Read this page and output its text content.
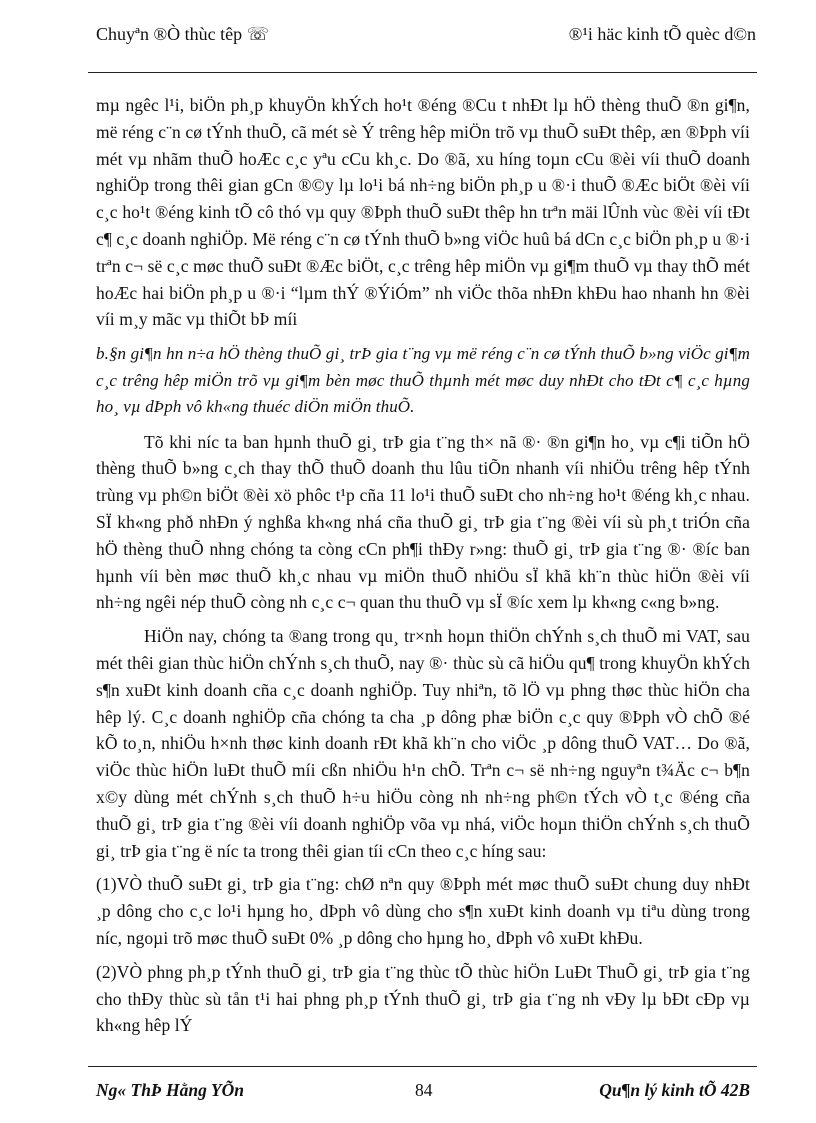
Chuyªn ®Ò thùc têp ☏	®¹i häc kinh tÕ quèc d©n

mµ ngêc l¹i, biÖn ph¸p khuyÖn khÝch ho¹t ®éng ®Cu t nhÐt lµ hÖ thèng thuÕ ®n gi¶n, më réng c¨n cø tÝnh thuÕ, cã mét sè Ý trêng hêp miÖn trõ vµ thuÕ suÐt thêp, æn ®Þph víi mét vµ nhãm thuÕ hoÆc c¸c yªu cCu kh¸c. Do ®ã, xu híng toµn cCu ®èi víi thuÕ doanh nghiÖp trong thêi gian gCn ®©y lµ lo¹i bá nh÷ng biÖn ph¸p u ®·i thuÕ ®Æc biÖt ®èi víi c¸c ho¹t ®éng kinh tÕ cô thó vµ quy ®Þph thuÕ suÐt thêp hn trªn mäi lÛnh vùc ®èi víi tÐt c¶ c¸c doanh nghiÖp. Më réng c¨n cø tÝnh thuÕ b»ng viÖc huû bá dCn c¸c biÖn ph¸p u ®·i trªn c¬ së c¸c møc thuÕ suÐt ®Æc biÖt, c¸c trêng hêp miÖn vµ gi¶m thuÕ vµ thay thÕ mét hoÆc hai biÖn ph¸p u ®·i “lµm thÝ ®ÝiÓm” nh viÖc thõa nhÐn khÐu hao nhanh hn ®èi víi m¸y mãc vµ thiÕt bÞ míi

b.§n gi¶n hn n÷a hÖ thèng thuÕ gi¸ trÞ gia t¨ng vµ më réng c¨n cø tÝnh thuÕ b»ng viÖc gi¶m c¸c trêng hêp miÖn trõ vµ gi¶m bèn møc thuÕ thµnh mét møc duy nhÐt cho tÐt c¶ c¸c hµng ho¸ vµ dÞph vô kh«ng thuéc diÖn miÖn thuÕ.

Tõ khi níc ta ban hµnh thuÕ gi¸ trÞ gia t¨ng th× nã ®· ®n gi¶n ho¸ vµ c¶i tiÕn hÖ thèng thuÕ b»ng c¸ch thay thÕ thuÕ doanh thu lûu tiÕn nhanh víi nhiÖu trêng hêp tÝnh trùng vµ ph©n biÖt ®èi xö phôc t¹p cña 11 lo¹i thuÕ suÐt cho nh÷ng ho¹t ®éng kh¸c nhau. SÏ kh«ng phð nhÐn ý nghßa kh«ng nhá cña thuÕ gi¸ trÞ gia t¨ng ®èi víi sù ph¸t triÓn cña hÖ thèng thuÕ nhng chóng ta còng cCn ph¶i thÐy r»ng: thuÕ gi¸ trÞ gia t¨ng ®· ®íc ban hµnh víi bèn møc thuÕ kh¸c nhau vµ miÖn thuÕ nhiÖu sÏ khã kh¨n thùc hiÖn ®èi víi nh÷ng ngêi nép thuÕ còng nh c¸c c¬ quan thu thuÕ vµ sÏ ®íc xem lµ kh«ng c«ng b»ng.

HiÖn nay, chóng ta ®ang trong qu¸ tr×nh hoµn thiÖn chÝnh s¸ch thuÕ mi VAT, sau mét thêi gian thùc hiÖn chÝnh s¸ch thuÕ, nay ®· thùc sù cã hiÖu qu¶ trong khuyÖn khÝch s¶n xuÐt kinh doanh cña c¸c doanh nghiÖp. Tuy nhiªn, tõ lÖ vµ phng thøc thùc hiÖn cha hêp lý. C¸c doanh nghiÖp cña chóng ta cha ¸p dông phæ biÖn c¸c quy ®Þph vÒ chÕ ®é kÕ to¸n, nhiÖu h×nh thøc kinh doanh rÐt khã kh¨n cho viÖc ¸p dông thuÕ VAT… Do ®ã, viÖc thùc hiÖn luÐt thuÕ míi cßn nhiÖu h¹n chÕ. Trªn c¬ së nh÷ng nguyªn t¾Äc c¬ b¶n x©y dùng mét chÝnh s¸ch thuÕ h÷u hiÖu còng nh nh÷ng ph©n tÝch vÒ t¸c ®éng cña thuÕ gi¸ trÞ gia t¨ng ®èi víi doanh nghiÖp võa vµ nhá, viÖc hoµn thiÖn chÝnh s¸ch thuÕ gi¸ trÞ gia t¨ng ë níc ta trong thêi gian tíi cCn theo c¸c híng sau:

(1)VÒ thuÕ suÐt gi¸ trÞ gia t¨ng: chØ nªn quy ®Þph mét møc thuÕ suÐt chung duy nhÐt ¸p dông cho c¸c lo¹i hµng ho¸ dÞph vô dùng cho s¶n xuÐt kinh doanh vµ tiªu dùng trong níc, ngoµi trõ møc thuÕ suÐt 0% ¸p dông cho hµng ho¸ dÞph vô xuÐt khÐu.

(2)VÒ phng ph¸p tÝnh thuÕ gi¸ trÞ gia t¨ng thùc tÕ thùc hiÖn LuÐt ThuÕ gi¸ trÞ gia t¨ng cho thÐy thùc sù tån t¹i hai phng ph¸p tÝnh thuÕ gi¸ trÞ gia t¨ng nh vÐy lµ bÐt cÐp vµ kh«ng hêp lÝ

Ng« ThÞ Hằng YÕn	84	Qu¶n lý kinh tÕ 42B
